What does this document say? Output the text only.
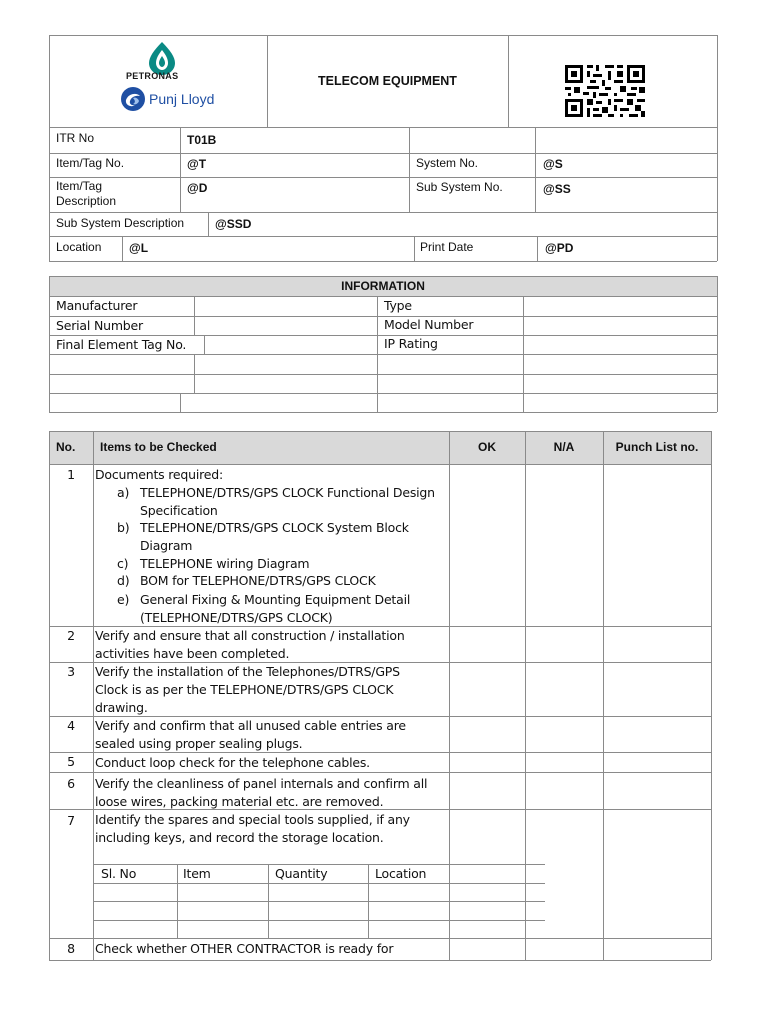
PETRONAS
Punj Lloyd
TELECOM EQUIPMENT
ITR No	T01B
Item/Tag No.	@T	System No.	@S
Item/Tag
Description
@D	Sub System No.	@SS
Sub System Description	@SSD
Location @L	Print Date	@PD
INFORMATION
Manufacturer	Type
Serial Number	Model Number
Final Element Tag No.	IP Rating
No. Items to be Checked	OK	N/A	Punch List no.
1	Documents required:
a) TELEPHONE/DTRS/GPS CLOCK Functional Design
Specification
b) TELEPHONE/DTRS/GPS CLOCK System Block
Diagram
c) TELEPHONE wiring Diagram
d) BOM for TELEPHONE/DTRS/GPS CLOCK
e) General Fixing & Mounting Equipment Detail
(TELEPHONE/DTRS/GPS CLOCK)
2	Verify and ensure that all construction / installation
activities have been completed.
3	Verify the installation of the Telephones/DTRS/GPS
Clock is as per the TELEPHONE/DTRS/GPS CLOCK
drawing.
4	Verify and confirm that all unused cable entries are
sealed using proper sealing plugs.
5	Conduct loop check for the telephone cables.
6	Verify the cleanliness of panel internals and confirm all
loose wires, packing material etc. are removed.
7	Identify the spares and special tools supplied, if any
including keys, and record the storage location.
Sl. No	Item	Quantity	Location
8	Check whether OTHER CONTRACTOR is ready for
